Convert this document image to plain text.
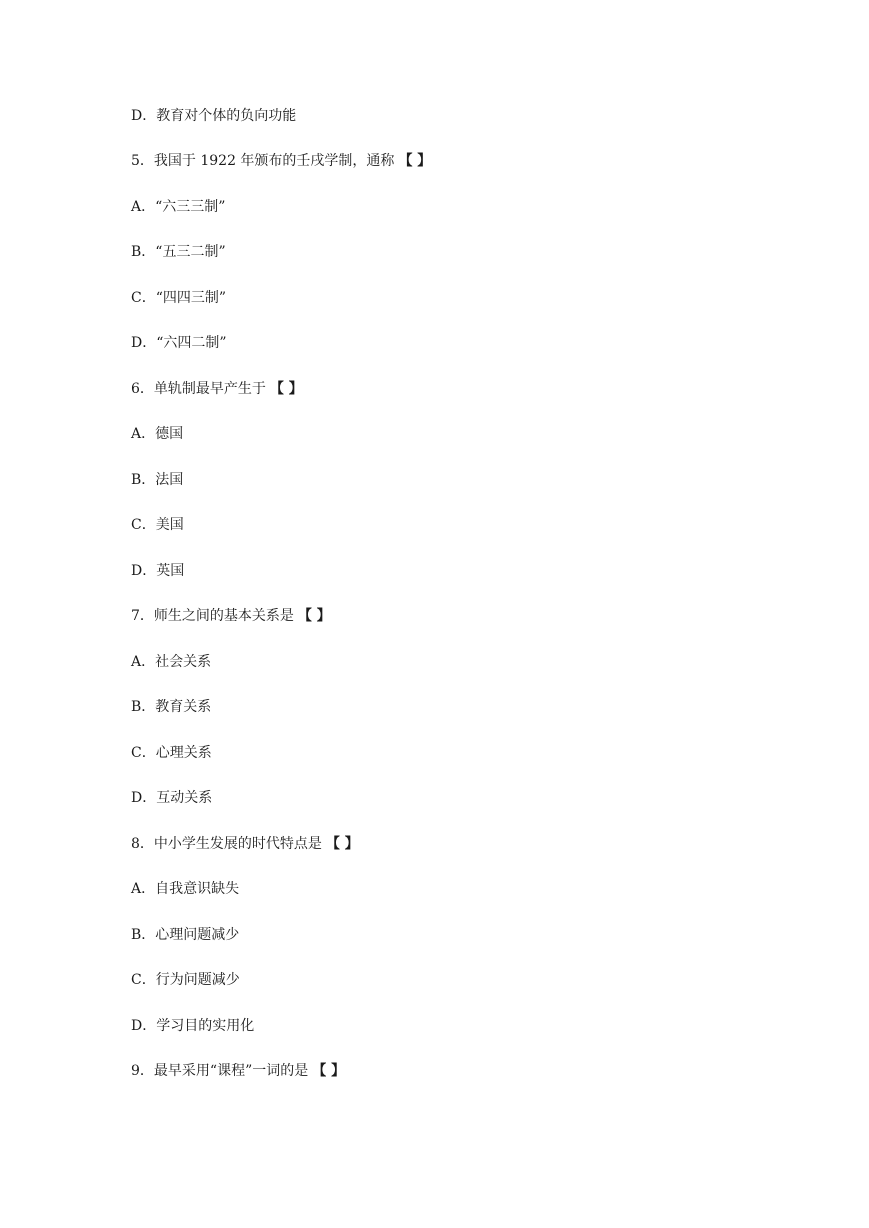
D．教育对个体的负向功能
5．我国于 1922 年颁布的壬戌学制，通称 【 】
A．“六三三制”
B．“五三二制”
C．“四四三制”
D．“六四二制”
6．单轨制最早产生于 【 】
A．德国
B．法国
C．美国
D．英国
7．师生之间的基本关系是 【 】
A．社会关系
B．教育关系
C．心理关系
D．互动关系
8．中小学生发展的时代特点是 【 】
A．自我意识缺失
B．心理问题减少
C．行为问题减少
D．学习目的实用化
9．最早采用“课程”一词的是 【 】
